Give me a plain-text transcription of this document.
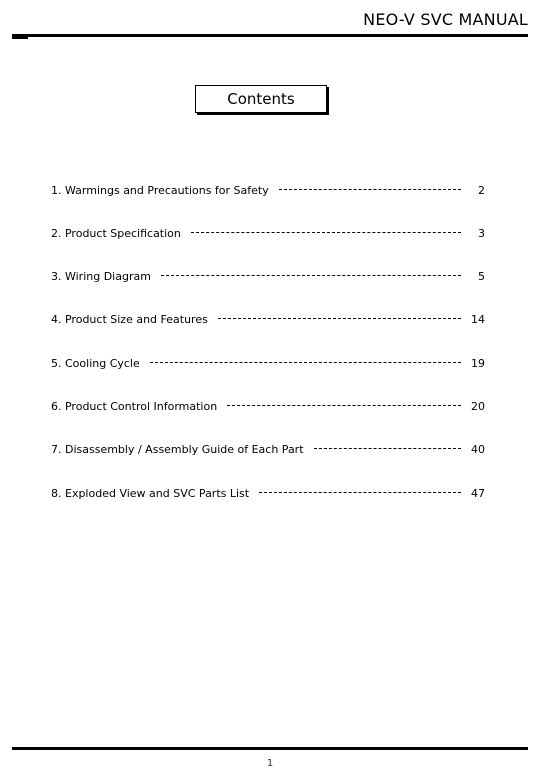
NEO-V SVC MANUAL
Contents
1. Warmings and Precautions for Safety	2
2. Product Specification	3
3. Wiring Diagram	5
4. Product Size and Features	14
5. Cooling Cycle	19
6. Product Control Information	20
7. Disassembly / Assembly Guide of Each Part	40
8. Exploded View and SVC Parts List	47
1
